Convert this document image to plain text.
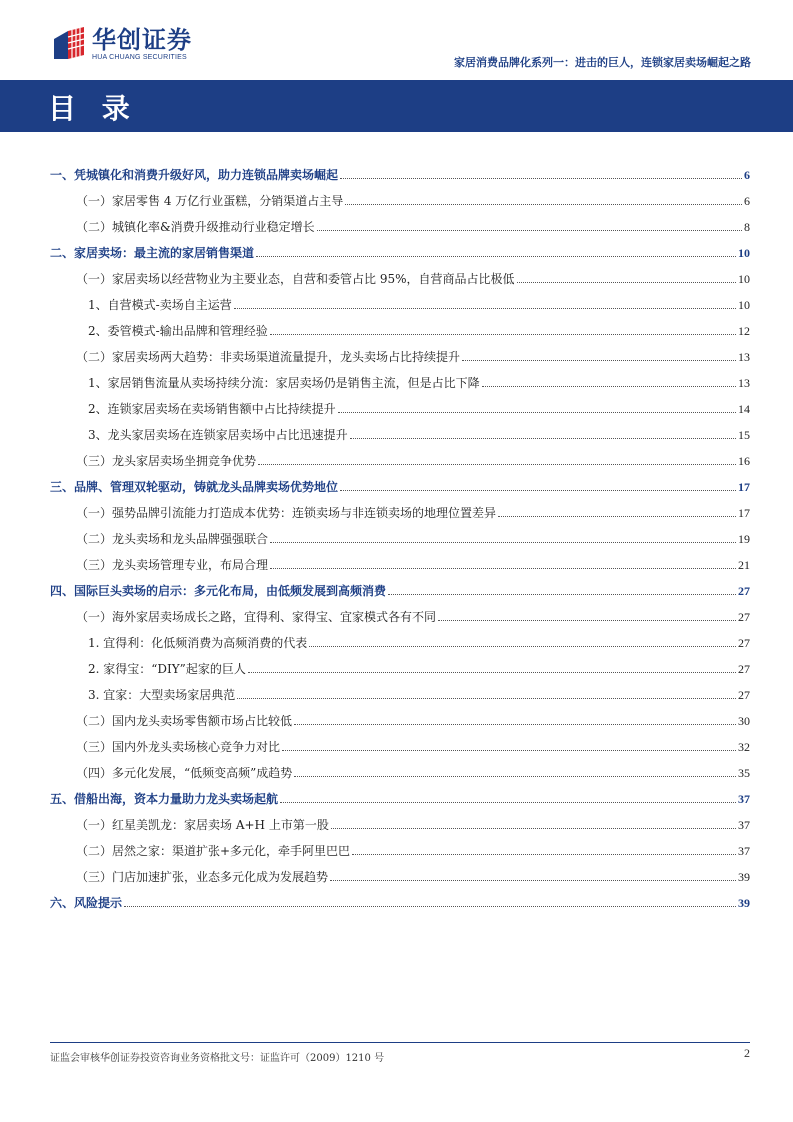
华创证券
HUA CHUANG SECURITIES	家居消费品牌化系列一：进击的巨人，连锁家居卖场崛起之路
目 录
一、凭城镇化和消费升级好风，助力连锁品牌卖场崛起	6
（一）家居零售 4 万亿行业蛋糕，分销渠道占主导	6
（二）城镇化率&消费升级推动行业稳定增长	8
二、家居卖场：最主流的家居销售渠道	10
（一）家居卖场以经营物业为主要业态，自营和委管占比 95%，自营商品占比极低	10
1、自营模式-卖场自主运营	10
2、委管模式-输出品牌和管理经验	12
（二）家居卖场两大趋势：非卖场渠道流量提升，龙头卖场占比持续提升	13
1、家居销售流量从卖场持续分流：家居卖场仍是销售主流，但是占比下降	13
2、连锁家居卖场在卖场销售额中占比持续提升	14
3、龙头家居卖场在连锁家居卖场中占比迅速提升	15
（三）龙头家居卖场坐拥竞争优势	16
三、品牌、管理双轮驱动，铸就龙头品牌卖场优势地位	17
（一）强势品牌引流能力打造成本优势：连锁卖场与非连锁卖场的地理位置差异	17
（二）龙头卖场和龙头品牌强强联合	19
（三）龙头卖场管理专业，布局合理	21
四、国际巨头卖场的启示：多元化布局，由低频发展到高频消费	27
（一）海外家居卖场成长之路，宜得利、家得宝、宜家模式各有不同	27
1. 宜得利：化低频消费为高频消费的代表	27
2. 家得宝：“DIY”起家的巨人	27
3. 宜家：大型卖场家居典范	27
（二）国内龙头卖场零售额市场占比较低	30
（三）国内外龙头卖场核心竞争力对比	32
（四）多元化发展，“低频变高频”成趋势	35
五、借船出海，资本力量助力龙头卖场起航	37
（一）红星美凯龙：家居卖场 A+H 上市第一股	37
（二）居然之家：渠道扩张+多元化，牵手阿里巴巴	37
（三）门店加速扩张，业态多元化成为发展趋势	39
六、风险提示	39
证监会审核华创证券投资咨询业务资格批文号：证监许可（2009）1210 号	2
